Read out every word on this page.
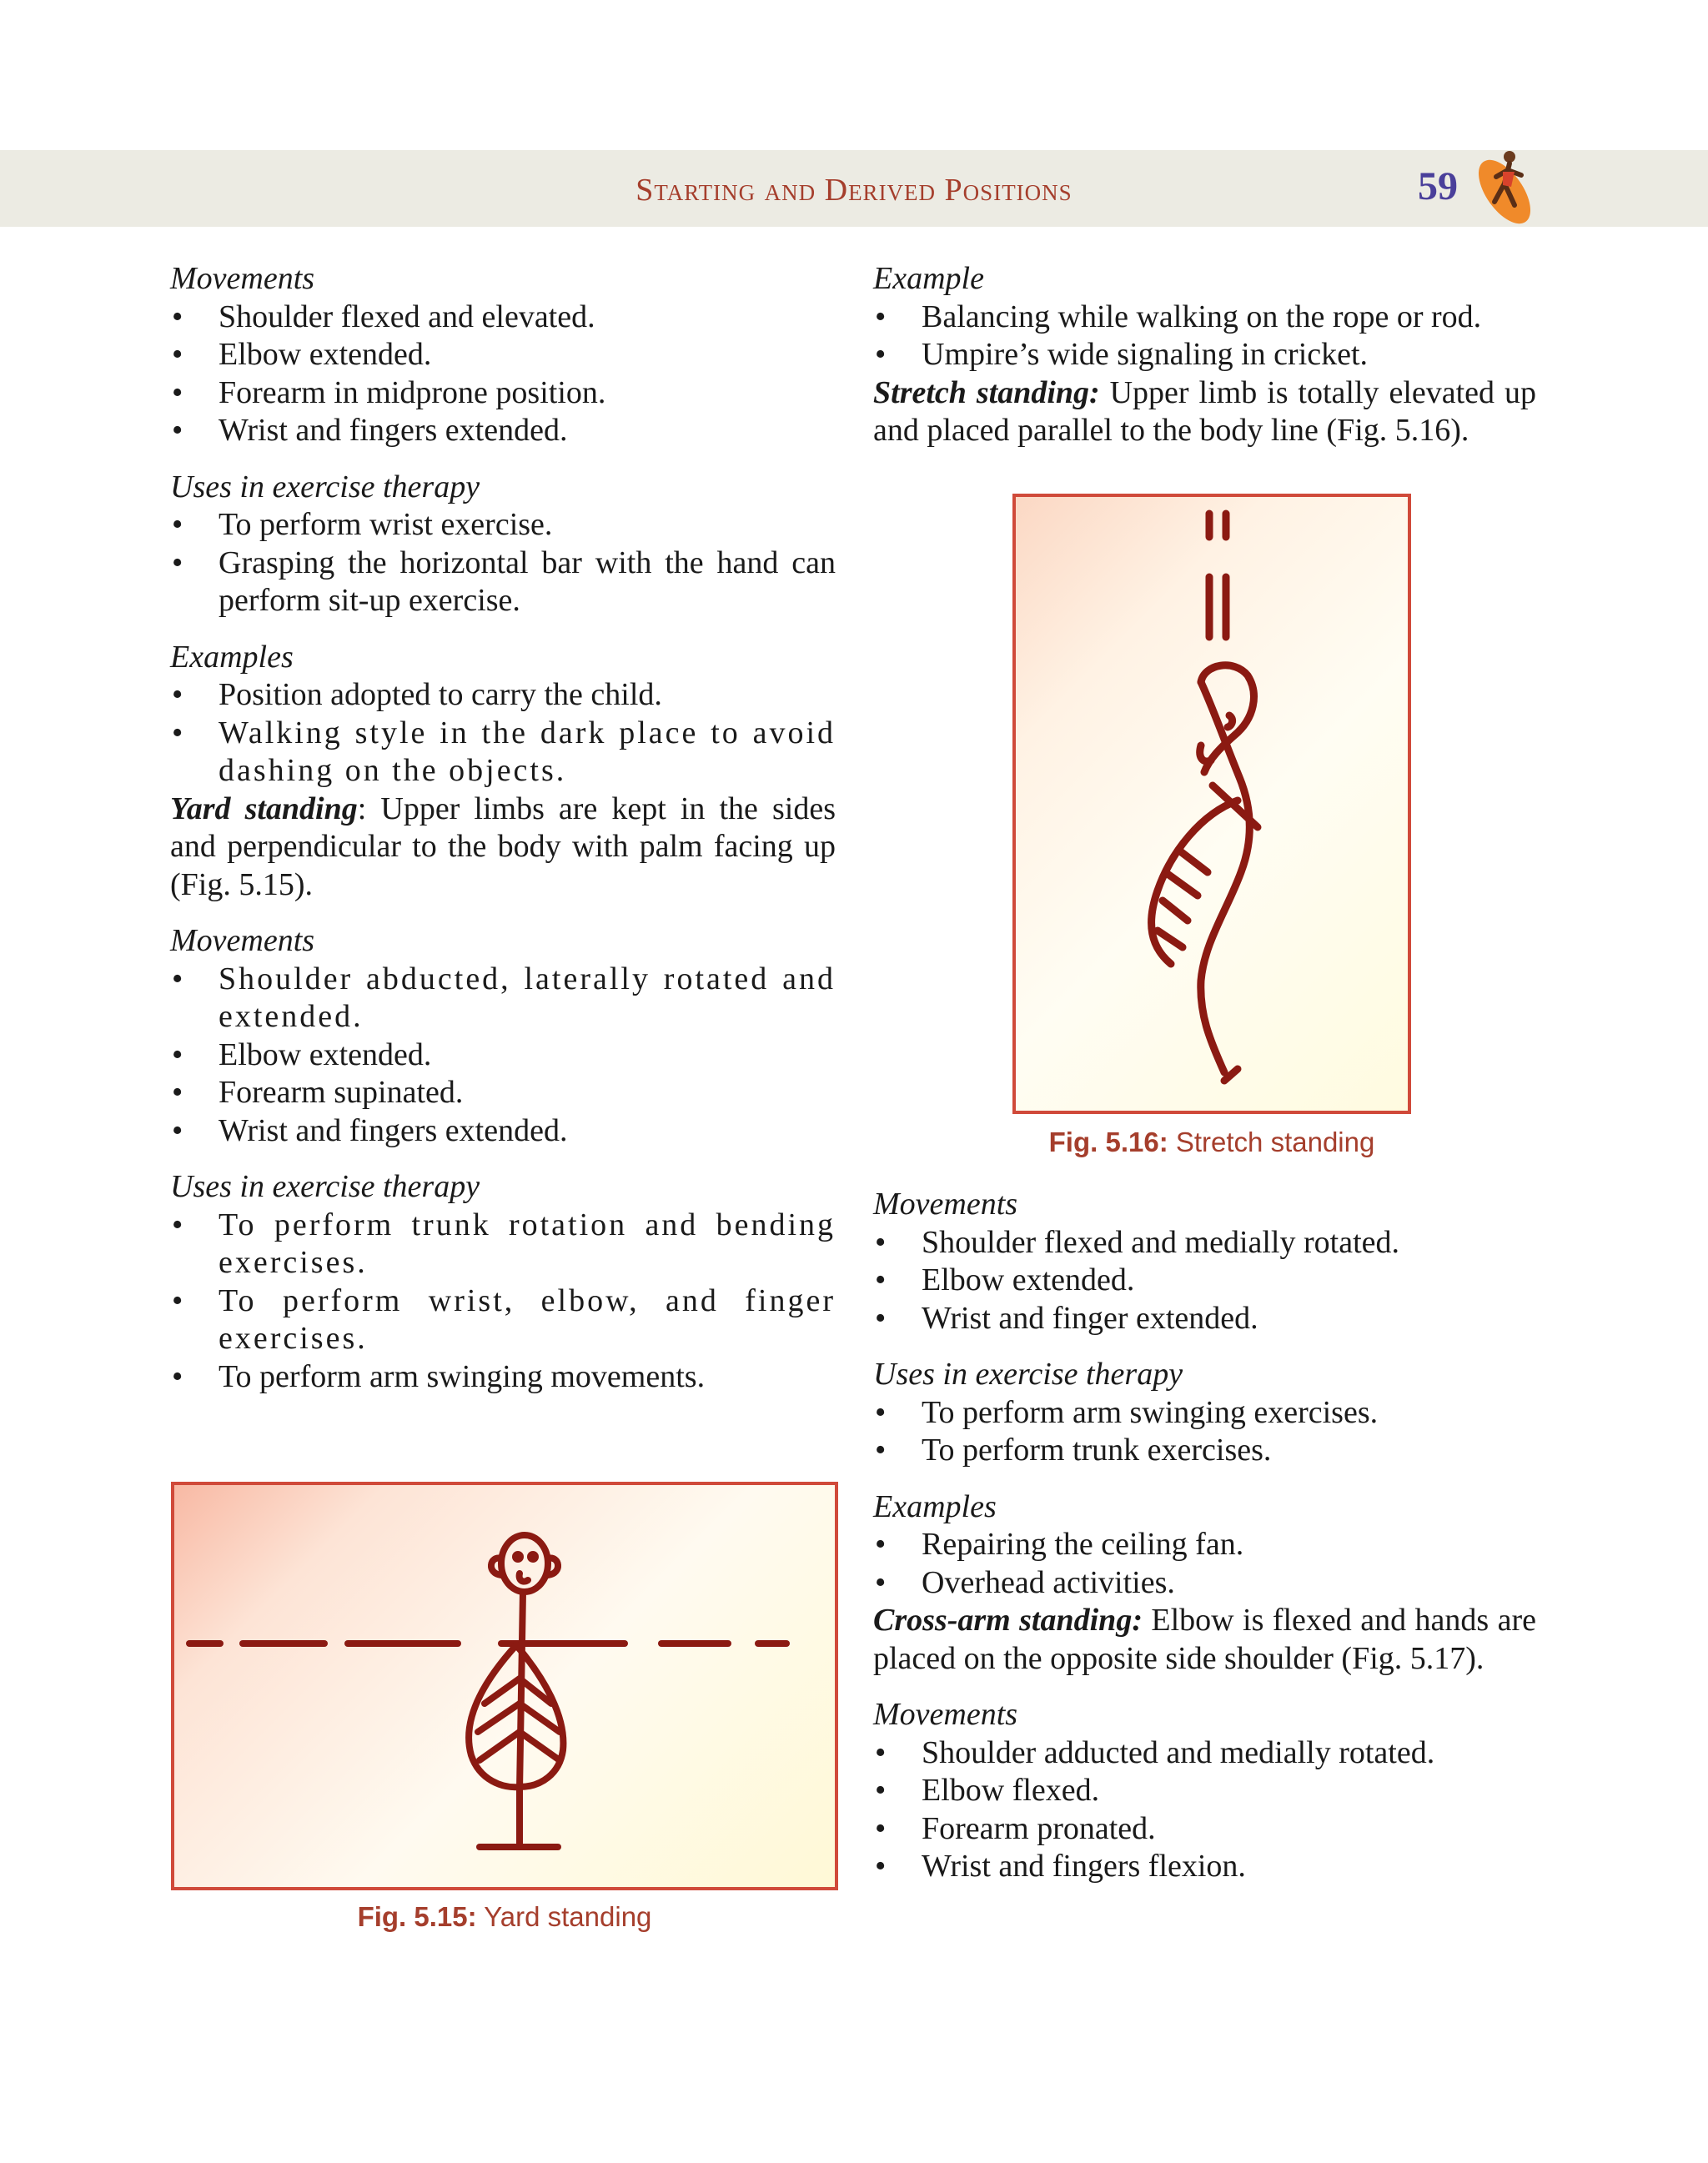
Starting and Derived Positions	59

Movements

• Shoulder flexed and elevated.
• Elbow extended.
• Forearm in midprone position.
• Wrist and fingers extended.

Uses in exercise therapy

• To perform wrist exercise.
• Grasping the horizontal bar with the hand can perform sit-up exercise.

Examples

• Position adopted to carry the child.
• Walking style in the dark place to avoid dashing on the objects.

Yard standing: Upper limbs are kept in the sides and perpendicular to the body with palm facing up (Fig. 5.15).

Movements

• Shoulder abducted, laterally rotated and extended.
• Elbow extended.
• Forearm supinated.
• Wrist and fingers extended.

Uses in exercise therapy

• To perform trunk rotation and bending exercises.
• To perform wrist, elbow, and finger exercises.
• To perform arm swinging movements.

Example

• Balancing while walking on the rope or rod.
• Umpire’s wide signaling in cricket.

Stretch standing: Upper limb is totally elevated up and placed parallel to the body line (Fig. 5.16).

Movements

• Shoulder flexed and medially rotated.
• Elbow extended.
• Wrist and finger extended.

Uses in exercise therapy

• To perform arm swinging exercises.
• To perform trunk exercises.

Examples

• Repairing the ceiling fan.
• Overhead activities.

Cross-arm standing: Elbow is flexed and hands are placed on the opposite side shoulder (Fig. 5.17).

Movements

• Shoulder adducted and medially rotated.
• Elbow flexed.
• Forearm pronated.
• Wrist and fingers flexion.
Fig. 5.16: Stretch standing
Fig. 5.15: Yard standing
